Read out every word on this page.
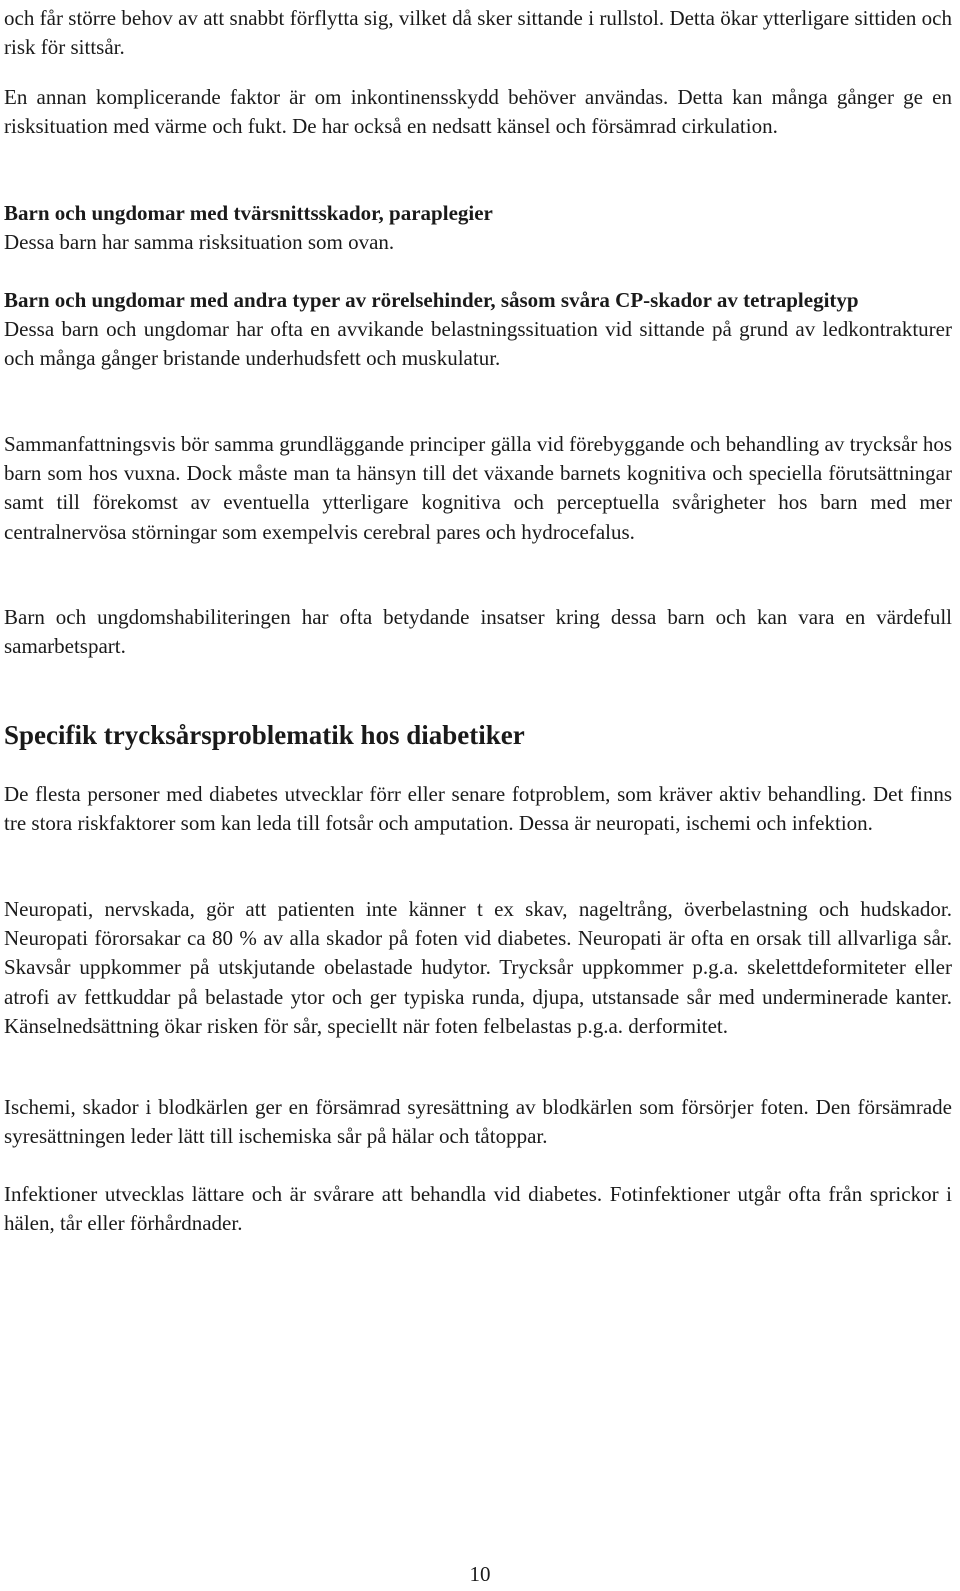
och får större behov av att snabbt förflytta sig, vilket då sker sittande i rullstol. Detta ökar ytterligare sittiden och risk för sittsår.

En annan komplicerande faktor är om inkontinensskydd behöver användas. Detta kan många gånger ge en risksituation med värme och fukt. De har också en nedsatt känsel och försämrad cirkulation.

Barn och ungdomar med tvärsnittsskador, paraplegier
Dessa barn har samma risksituation som ovan.

Barn och ungdomar med andra typer av rörelsehinder, såsom svåra CP-skador av tetraplegityp
Dessa barn och ungdomar har ofta en avvikande belastningssituation vid sittande på grund av ledkontrakturer och många gånger bristande underhudsfett och muskulatur.

Sammanfattningsvis bör samma grundläggande principer gälla vid förebyggande och behandling av trycksår hos barn som hos vuxna. Dock måste man ta hänsyn till det växande barnets kognitiva och speciella förutsättningar samt till förekomst av eventuella ytterligare kognitiva och perceptuella svårigheter hos barn med mer centralnervösa störningar som exempelvis cerebral pares och hydrocefalus.

Barn och ungdomshabiliteringen har ofta betydande insatser kring dessa barn och kan vara en värdefull samarbetspart.

Specifik trycksårsproblematik hos diabetiker

De flesta personer med diabetes utvecklar förr eller senare fotproblem, som kräver aktiv behandling. Det finns tre stora riskfaktorer som kan leda till fotsår och amputation. Dessa är neuropati, ischemi och infektion.

Neuropati, nervskada, gör att patienten inte känner t ex skav, nageltrång, överbelastning och hudskador. Neuropati förorsakar ca 80 % av alla skador på foten vid diabetes. Neuropati är ofta en orsak till allvarliga sår. Skavsår uppkommer på utskjutande obelastade hudytor. Trycksår uppkommer p.g.a. skelettdeformiteter eller atrofi av fettkuddar på belastade ytor och ger typiska runda, djupa, utstansade sår med underminerade kanter. Känselnedsättning ökar risken för sår, speciellt när foten felbelastas p.g.a. derformitet.

Ischemi, skador i blodkärlen ger en försämrad syresättning av blodkärlen som försörjer foten. Den försämrade syresättningen leder lätt till ischemiska sår på hälar och tåtoppar.

Infektioner utvecklas lättare och är svårare att behandla vid diabetes. Fotinfektioner utgår ofta från sprickor i hälen, tår eller förhårdnader.

10
